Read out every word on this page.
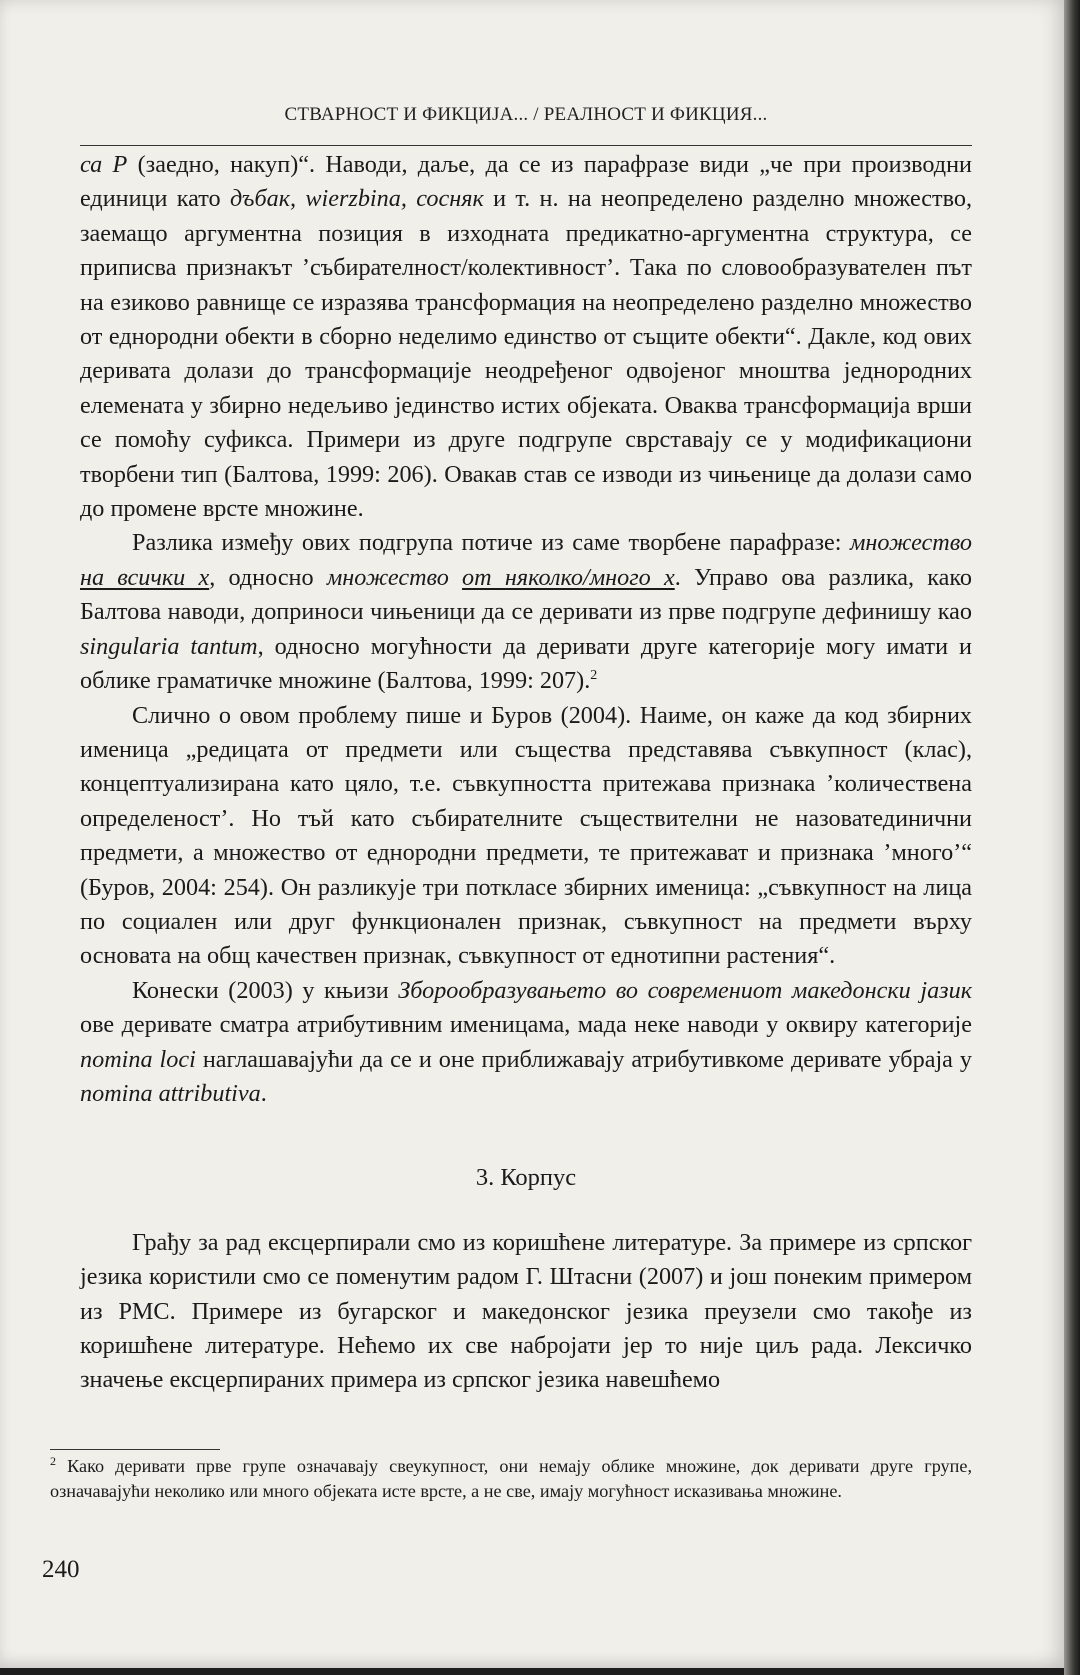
СТВАРНОСТ И ФИКЦИЈА... / РЕАЛНОСТ И ФИКЦИЯ...

са Р (заедно, накуп)“. Наводи, даље, да се из парафразе види „че при производни единици като дъбак, wierzbina, сосняк и т. н. на неопределено разделно множество, заемащо аргументна позиция в изходната предикатно-аргументна структура, се приписва признакът ’събирателност/колективност’. Така по словообразувателен път на езиково равнище се изразява трансформация на неопределено разделно множество от еднородни обекти в сборно неделимо единство от същите обекти“. Дакле, код ових деривата долази до трансформације неодређеног одвојеног мноштва једнородних елемената у збирно недељиво јединство истих објеката. Оваква трансформација врши се помоћу суфикса. Примери из друге подгрупе сврставају се у модификациони творбени тип (Балтова, 1999: 206). Овакав став се изводи из чињенице да долази само до промене врсте множине.

Разлика између ових подгрупа потиче из саме творбене парафразе: множество на всички х, односно множество от няколко/много х. Управо ова разлика, како Балтова наводи, доприноси чињеници да се деривати из прве подгрупе дефинишу као singularia tantum, односно могућности да деривати друге категорије могу имати и облике граматичке множине (Балтова, 1999: 207).$^2$

Слично о овом проблему пише и Буров (2004). Наиме, он каже да код збирних именица „редицата от предмети или същества представява съвкупност (клас), концептуализирана като цяло, т.е. съвкупността притежава признака ’количествена определеност’. Но тъй като събирателните съществителни не назоватединични предмети, а множество от еднородни предмети, те притежават и признака ’много’“ (Буров, 2004: 254). Он разликује три поткласе збирних именица: „съвкупност на лица по социален или друг функционален признак, съвкупност на предмети върху основата на общ качествен признак, съвкупност от еднотипни растения“.

Конески (2003) у књизи Зборообразувањето во современиот македонски јазик ове деривате сматра атрибутивним именицама, мада неке наводи у оквиру категорије nomina loci наглашавајући да се и оне приближавају атрибутивкоме деривате убраја у nomina attributiva.

3. Корпус

Грађу за рад ексцерпирали смо из коришћене литературе. За примере из српског језика користили смо се поменутим радом Г. Штасни (2007) и још понеким примером из РМС. Примере из бугарског и македонског језика преузели смо такође из коришћене литературе. Нећемо их све набројати јер то није циљ рада. Лексичко значење ексцерпираних примера из српског језика навешћемо

$^2$ Како деривати прве групе означавају свеукупност, они немају облике множине, док деривати друге групе, означавајући неколико или много објеката исте врсте, а не све, имају могућност исказивања множине.
240
